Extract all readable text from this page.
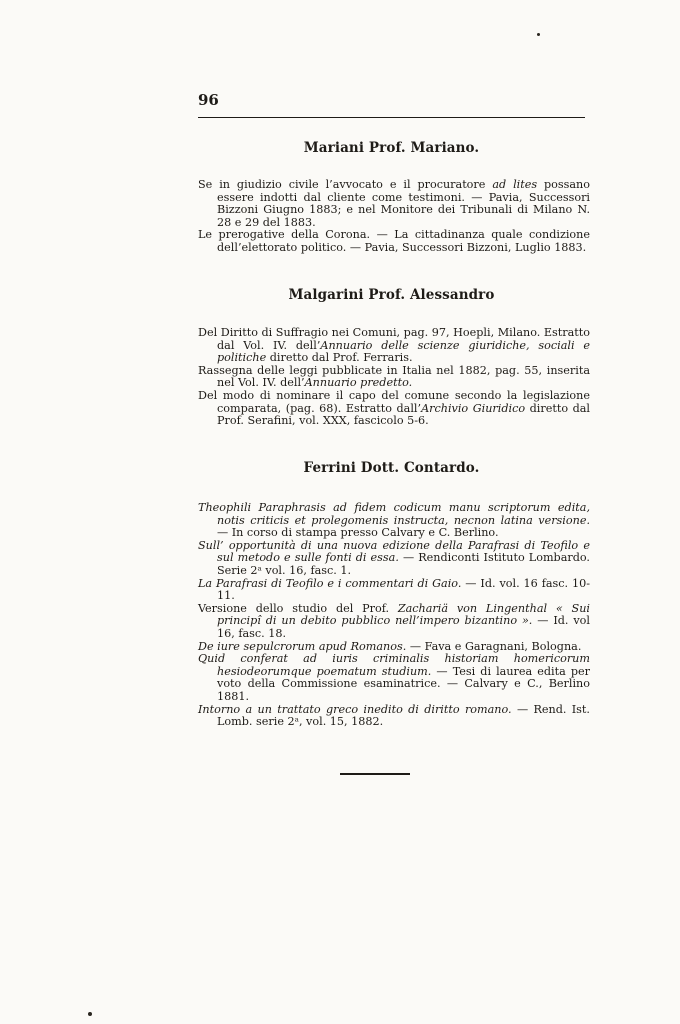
96
Mariani Prof. Mariano.
Se in giudizio civile l’avvocato e il procuratore ad lites possano essere indotti dal cliente come testimoni. — Pavia, Successori Bizzoni Giugno 1883; e nel Monitore dei Tribunali di Milano N. 28 e 29 del 1883.
Le prerogative della Corona. — La cittadinanza quale condizione dell’elettorato politico. — Pavia, Successori Bizzoni, Luglio 1883.
Malgarini Prof. Alessandro
Del Diritto di Suffragio nei Comuni, pag. 97, Hoepli, Milano. Estratto dal Vol. IV. dell’Annuario delle scienze giuridiche, sociali e politiche diretto dal Prof. Ferraris.
Rassegna delle leggi pubblicate in Italia nel 1882, pag. 55, inserita nel Vol. IV. dell’Annuario predetto.
Del modo di nominare il capo del comune secondo la legislazione comparata, (pag. 68). Estratto dall’Archivio Giuridico diretto dal Prof. Serafini, vol. XXX, fascicolo 5-6.
Ferrini Dott. Contardo.
Theophili Paraphrasis ad fidem codicum manu scriptorum edita, notis criticis et prolegomenis instructa, necnon latina versione. — In corso di stampa presso Calvary e C. Berlino.
Sull’ opportunità di una nuova edizione della Parafrasi di Teofilo e sul metodo e sulle fonti di essa. — Rendiconti Istituto Lombardo. Serie 2ᵃ vol. 16, fasc. 1.
La Parafrasi di Teofilo e i commentari di Gaio. — Id. vol. 16 fasc. 10-11.
Versione dello studio del Prof. Zachariä von Lingenthal « Sui principî di un debito pubblico nell’impero bizantino ». — Id. vol 16, fasc. 18.
De iure sepulcrorum apud Romanos. — Fava e Garagnani, Bologna.
Quid conferat ad iuris criminalis historiam homericorum hesiodeorumque poematum studium. — Tesi di laurea edita per voto della Commissione esaminatrice. — Calvary e C., Berlino 1881.
Intorno a un trattato greco inedito di diritto romano. — Rend. Ist. Lomb. serie 2ᵃ, vol. 15, 1882.
